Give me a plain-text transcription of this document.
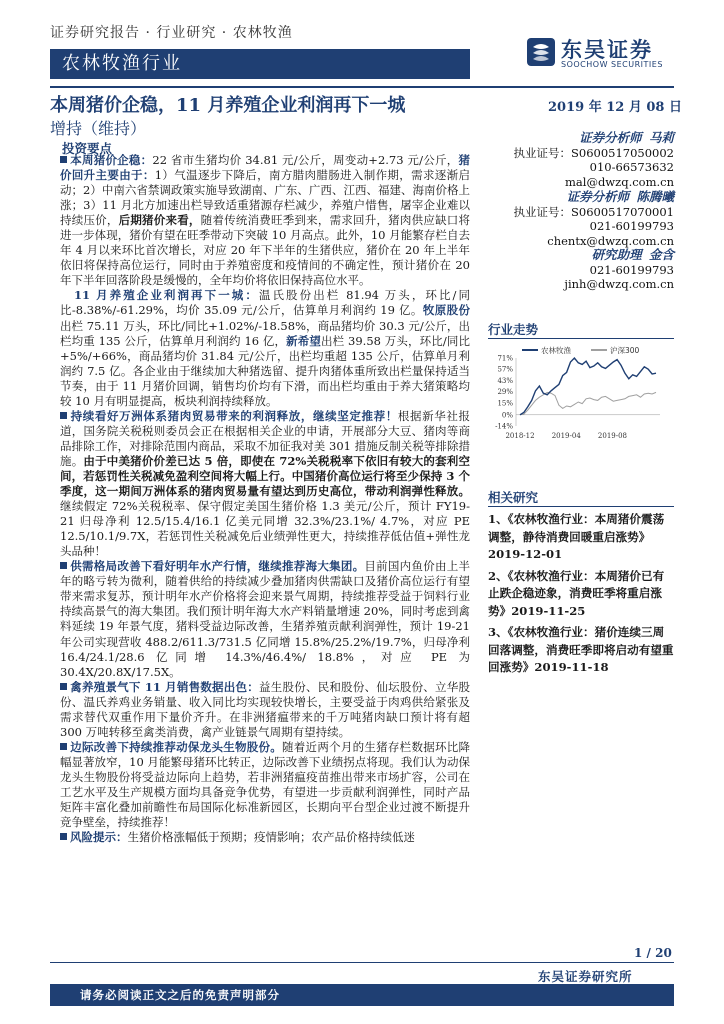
证券研究报告 · 行业研究 · 农林牧渔
农林牧渔行业
东吴证券
SOOCHOW SECURITIES
本周猪价企稳，11 月养殖企业利润再下一城	2019 年 12 月 08 日
增持（维持）	证券分析师 马莉
执业证号：S0600517050002
010-66573632
mal@dwzq.com.cn
证券分析师 陈腾曦
执业证号：S0600517070001
021-60199793
chentx@dwzq.com.cn
研究助理 金含
021-60199793
jinh@dwzq.com.cn
行业走势
农林牧渔	沪深300
71%
57%
43%
29%
15%
0%
-14%
2018-12 2019-04 2019-08
相关研究
1、《农林牧渔行业：本周猪价震荡调整，静待消费回暖重启涨势》2019-12-01
2、《农林牧渔行业：本周猪价已有止跌企稳迹象，消费旺季将重启涨势》2019-11-25
3、《农林牧渔行业：猪价连续三周回落调整，消费旺季即将启动有望重回涨势》2019-11-18
投资要点

本周猪价企稳：22 省市生猪均价 34.81 元/公斤，周变动+2.73 元/公斤，猪价回升主要由于：1）气温逐步下降后，南方腊肉腊肠进入制作期，需求逐渐启动；2）中南六省禁调政策实施导致湖南、广东、广西、江西、福建、海南价格上涨；3）11 月北方加速出栏导致适重猪源存栏减少，养殖户惜售，屠宰企业难以持续压价，后期猪价来看，随着传统消费旺季到来，需求回升，猪肉供应缺口将进一步体现，猪价有望在旺季带动下突破 10 月高点。此外，10 月能繁存栏自去年 4 月以来环比首次增长，对应 20 年下半年的生猪供应，猪价在 20 年上半年依旧将保持高位运行，同时由于养殖密度和疫情间的不确定性，预计猪价在 20 年下半年回落阶段是缓慢的，全年均价将依旧保持高位水平。

11 月养殖企业利润再下一城：温氏股份出栏 81.94 万头，环比/同比-8.38%/-61.29%，均价 35.09 元/公斤，估算单月利润约 19 亿。牧原股份出栏 75.11 万头，环比/同比+1.02%/-18.58%，商品猪均价 30.3 元/公斤，出栏均重 135 公斤，估算单月利润约 16 亿，新希望出栏 39.58 万头，环比/同比+5%/+66%，商品猪均价 31.84 元/公斤，出栏均重超 135 公斤，估算单月利润约 7.5 亿。各企业由于继续加大种猪选留、提升肉猪体重所致出栏量保持适当节奏，由于 11 月猪价回调，销售均价均有下滑，而出栏均重由于养大猪策略均较 10 月有明显提高，板块利润持续释放。

持续看好万洲体系猪肉贸易带来的利润释放，继续坚定推荐！根据新华社报道，国务院关税税则委员会正在根据相关企业的申请，开展部分大豆、猪肉等商品排除工作，对排除范围内商品，采取不加征我对美 301 措施反制关税等排除措施。由于中美猪价价差已达 5 倍，即使在 72%关税税率下依旧有较大的套利空间，若惩罚性关税减免盈利空间将大幅上行。中国猪价高位运行将至少保持 3 个季度，这一期间万洲体系的猪肉贸易量有望达到历史高位，带动利润弹性释放。继续假定 72%关税税率、保守假定美国生猪价格 1.3 美元/公斤，预计 FY19-21 归母净利 12.5/15.4/16.1 亿美元同增 32.3%/23.1%/ 4.7%，对应 PE 12.5/10.1/9.7X，若惩罚性关税减免后业绩弹性更大，持续推荐低估值+弹性龙头品种！

供需格局改善下看好明年水产行情，继续推荐海大集团。目前国内鱼价由上半年的略亏转为微利，随着供给的持续减少叠加猪肉供需缺口及猪价高位运行有望带来需求复苏，预计明年水产价格将会迎来景气周期，持续推荐受益于饲料行业持续高景气的海大集团。我们预计明年海大水产料销量增速 20%，同时考虑到禽料延续 19 年景气度，猪料受益边际改善，生猪养殖贡献利润弹性，预计 19-21 年公司实现营收 488.2/611.3/731.5 亿同增 15.8%/25.2%/19.7%，归母净利 16.4/24.1/28.6 亿同增 14.3%/46.4%/ 18.8%，对应 PE 为 30.4X/20.8X/17.5X。

禽养殖景气下 11 月销售数据出色：益生股份、民和股份、仙坛股份、立华股份、温氏养鸡业务销量、收入同比均实现较快增长，主要受益于肉鸡供给紧张及需求替代双重作用下量价齐升。在非洲猪瘟带来的千万吨猪肉缺口预计将有超 300 万吨转移至禽类消费，禽产业链景气周期有望持续。

边际改善下持续推荐动保龙头生物股份。随着近两个月的生猪存栏数据环比降幅显著放窄，10 月能繁母猪环比转正，边际改善下业绩拐点将现。我们认为动保龙头生物股份将受益边际向上趋势，若非洲猪瘟疫苗推出带来市场扩容，公司在工艺水平及生产规模方面均具备竞争优势，有望进一步贡献利润弹性，同时产品矩阵丰富化叠加前瞻性布局国际化标准新园区，长期向平台型企业过渡不断提升竞争壁垒，持续推荐！

风险提示：生猪价格涨幅低于预期；疫情影响；农产品价格持续低迷

1 / 20
东吴证券研究所
请务必阅读正文之后的免责声明部分
